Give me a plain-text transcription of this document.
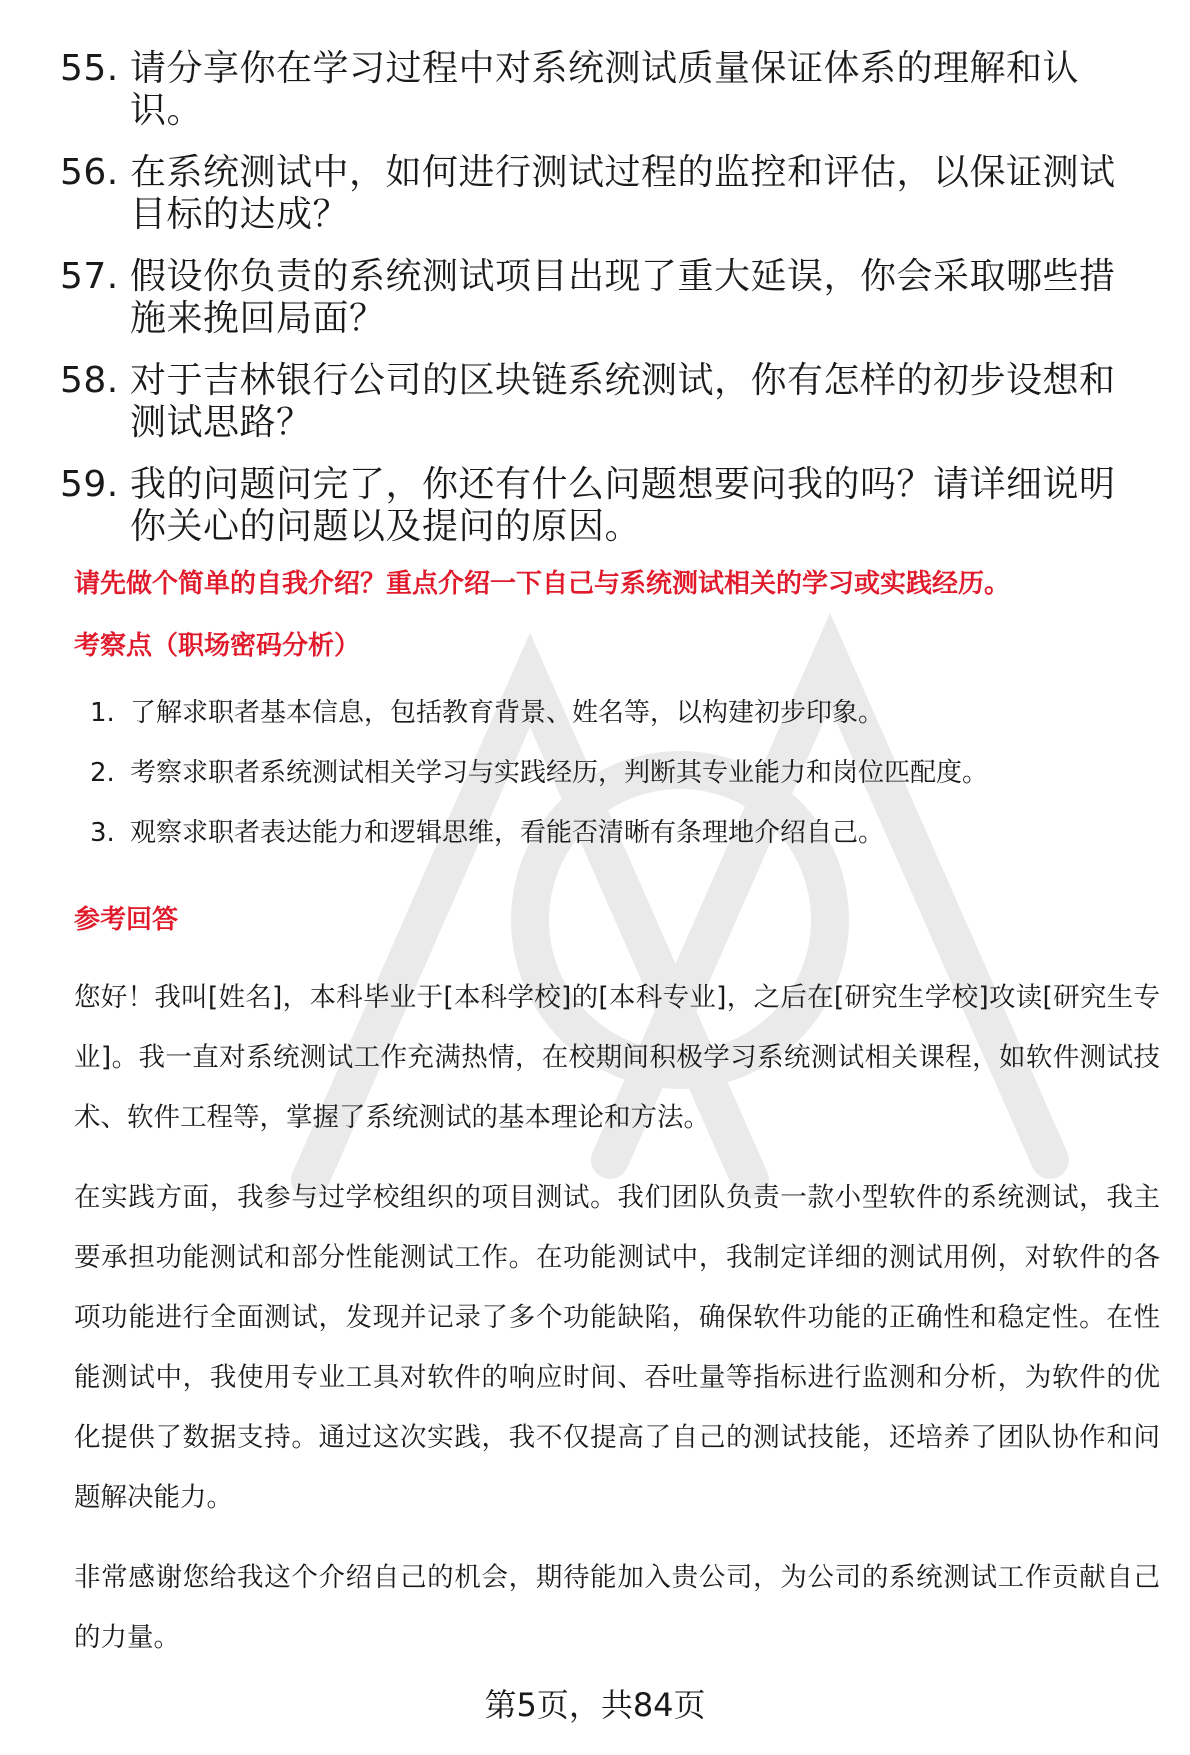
55. 请分享你在学习过程中对系统测试质量保证体系的理解和认识。
56. 在系统测试中，如何进行测试过程的监控和评估，以保证测试目标的达成？
57. 假设你负责的系统测试项目出现了重大延误，你会采取哪些措施来挽回局面？
58. 对于吉林银行公司的区块链系统测试，你有怎样的初步设想和测试思路？
59. 我的问题问完了，你还有什么问题想要问我的吗？请详细说明你关心的问题以及提问的原因。
请先做个简单的自我介绍？重点介绍一下自己与系统测试相关的学习或实践经历。
考察点（职场密码分析）
1. 了解求职者基本信息，包括教育背景、姓名等，以构建初步印象。
2. 考察求职者系统测试相关学习与实践经历，判断其专业能力和岗位匹配度。
3. 观察求职者表达能力和逻辑思维，看能否清晰有条理地介绍自己。
参考回答

您好！我叫[姓名]，本科毕业于[本科学校]的[本科专业]，之后在[研究生学校]攻读[研究生专业]。我一直对系统测试工作充满热情，在校期间积极学习系统测试相关课程，如软件测试技术、软件工程等，掌握了系统测试的基本理论和方法。

在实践方面，我参与过学校组织的项目测试。我们团队负责一款小型软件的系统测试，我主要承担功能测试和部分性能测试工作。在功能测试中，我制定详细的测试用例，对软件的各项功能进行全面测试，发现并记录了多个功能缺陷，确保软件功能的正确性和稳定性。在性能测试中，我使用专业工具对软件的响应时间、吞吐量等指标进行监测和分析，为软件的优化提供了数据支持。通过这次实践，我不仅提高了自己的测试技能，还培养了团队协作和问题解决能力。

非常感谢您给我这个介绍自己的机会，期待能加入贵公司，为公司的系统测试工作贡献自己的力量。

第5页，共84页
